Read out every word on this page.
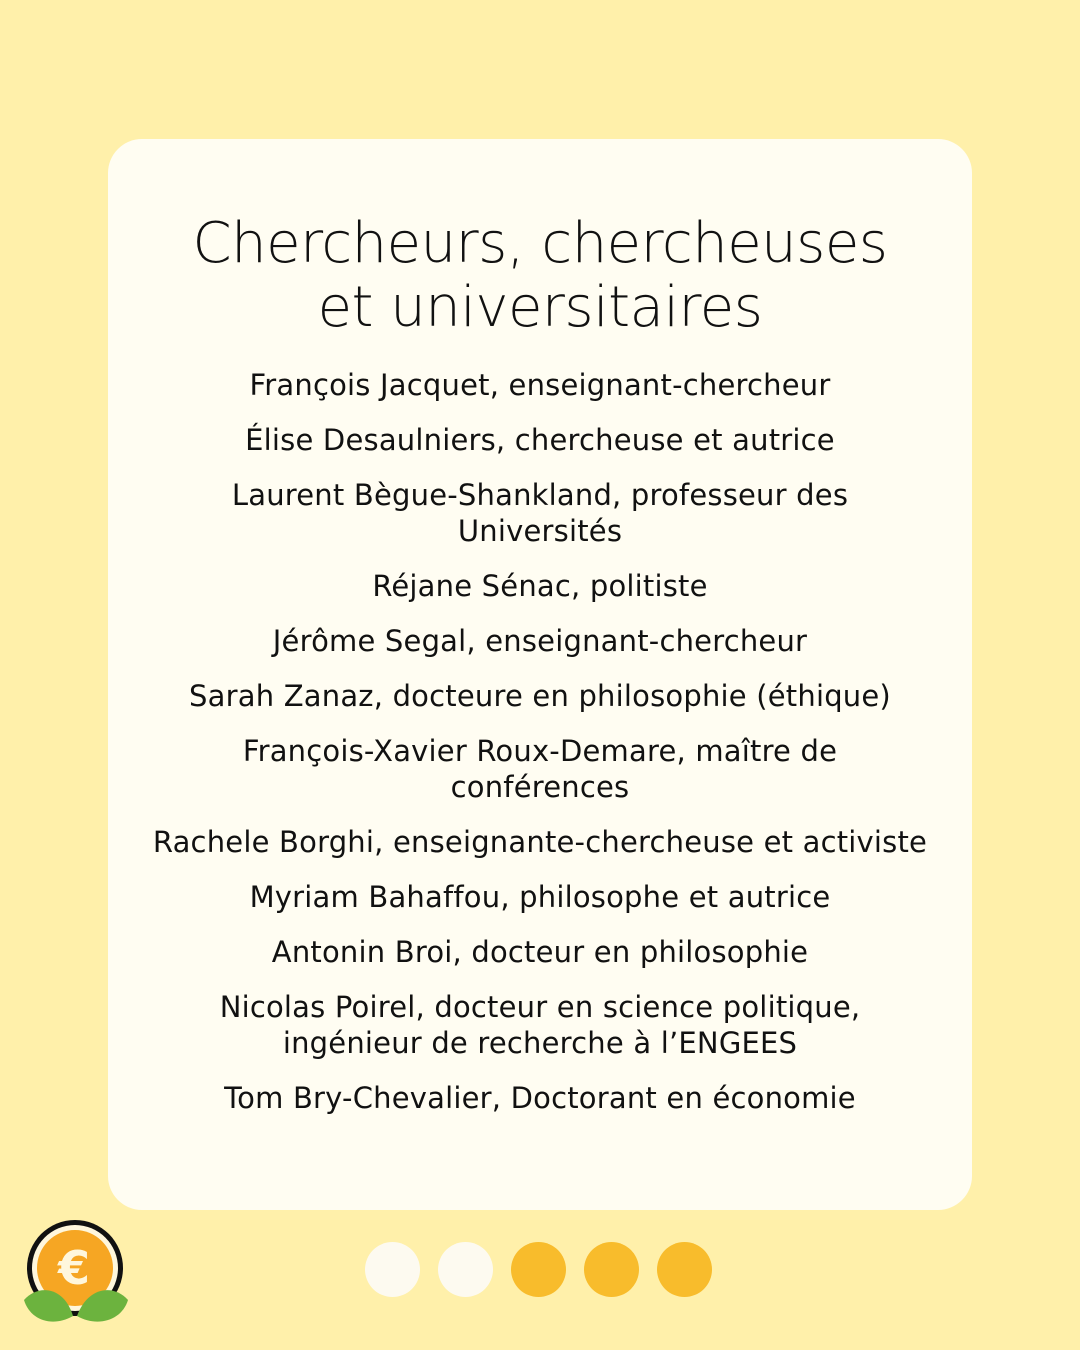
Chercheurs, chercheuses
et universitaires
François Jacquet, enseignant-chercheur
Élise Desaulniers, chercheuse et autrice
Laurent Bègue-Shankland, professeur des Universités
Réjane Sénac, politiste
Jérôme Segal, enseignant-chercheur
Sarah Zanaz, docteure en philosophie (éthique)
François-Xavier Roux-Demare, maître de conférences
Rachele Borghi, enseignante-chercheuse et activiste
Myriam Bahaffou, philosophe et autrice
Antonin Broi, docteur en philosophie
Nicolas Poirel, docteur en science politique, ingénieur de recherche à l’ENGEES
Tom Bry-Chevalier, Doctorant en économie
€
